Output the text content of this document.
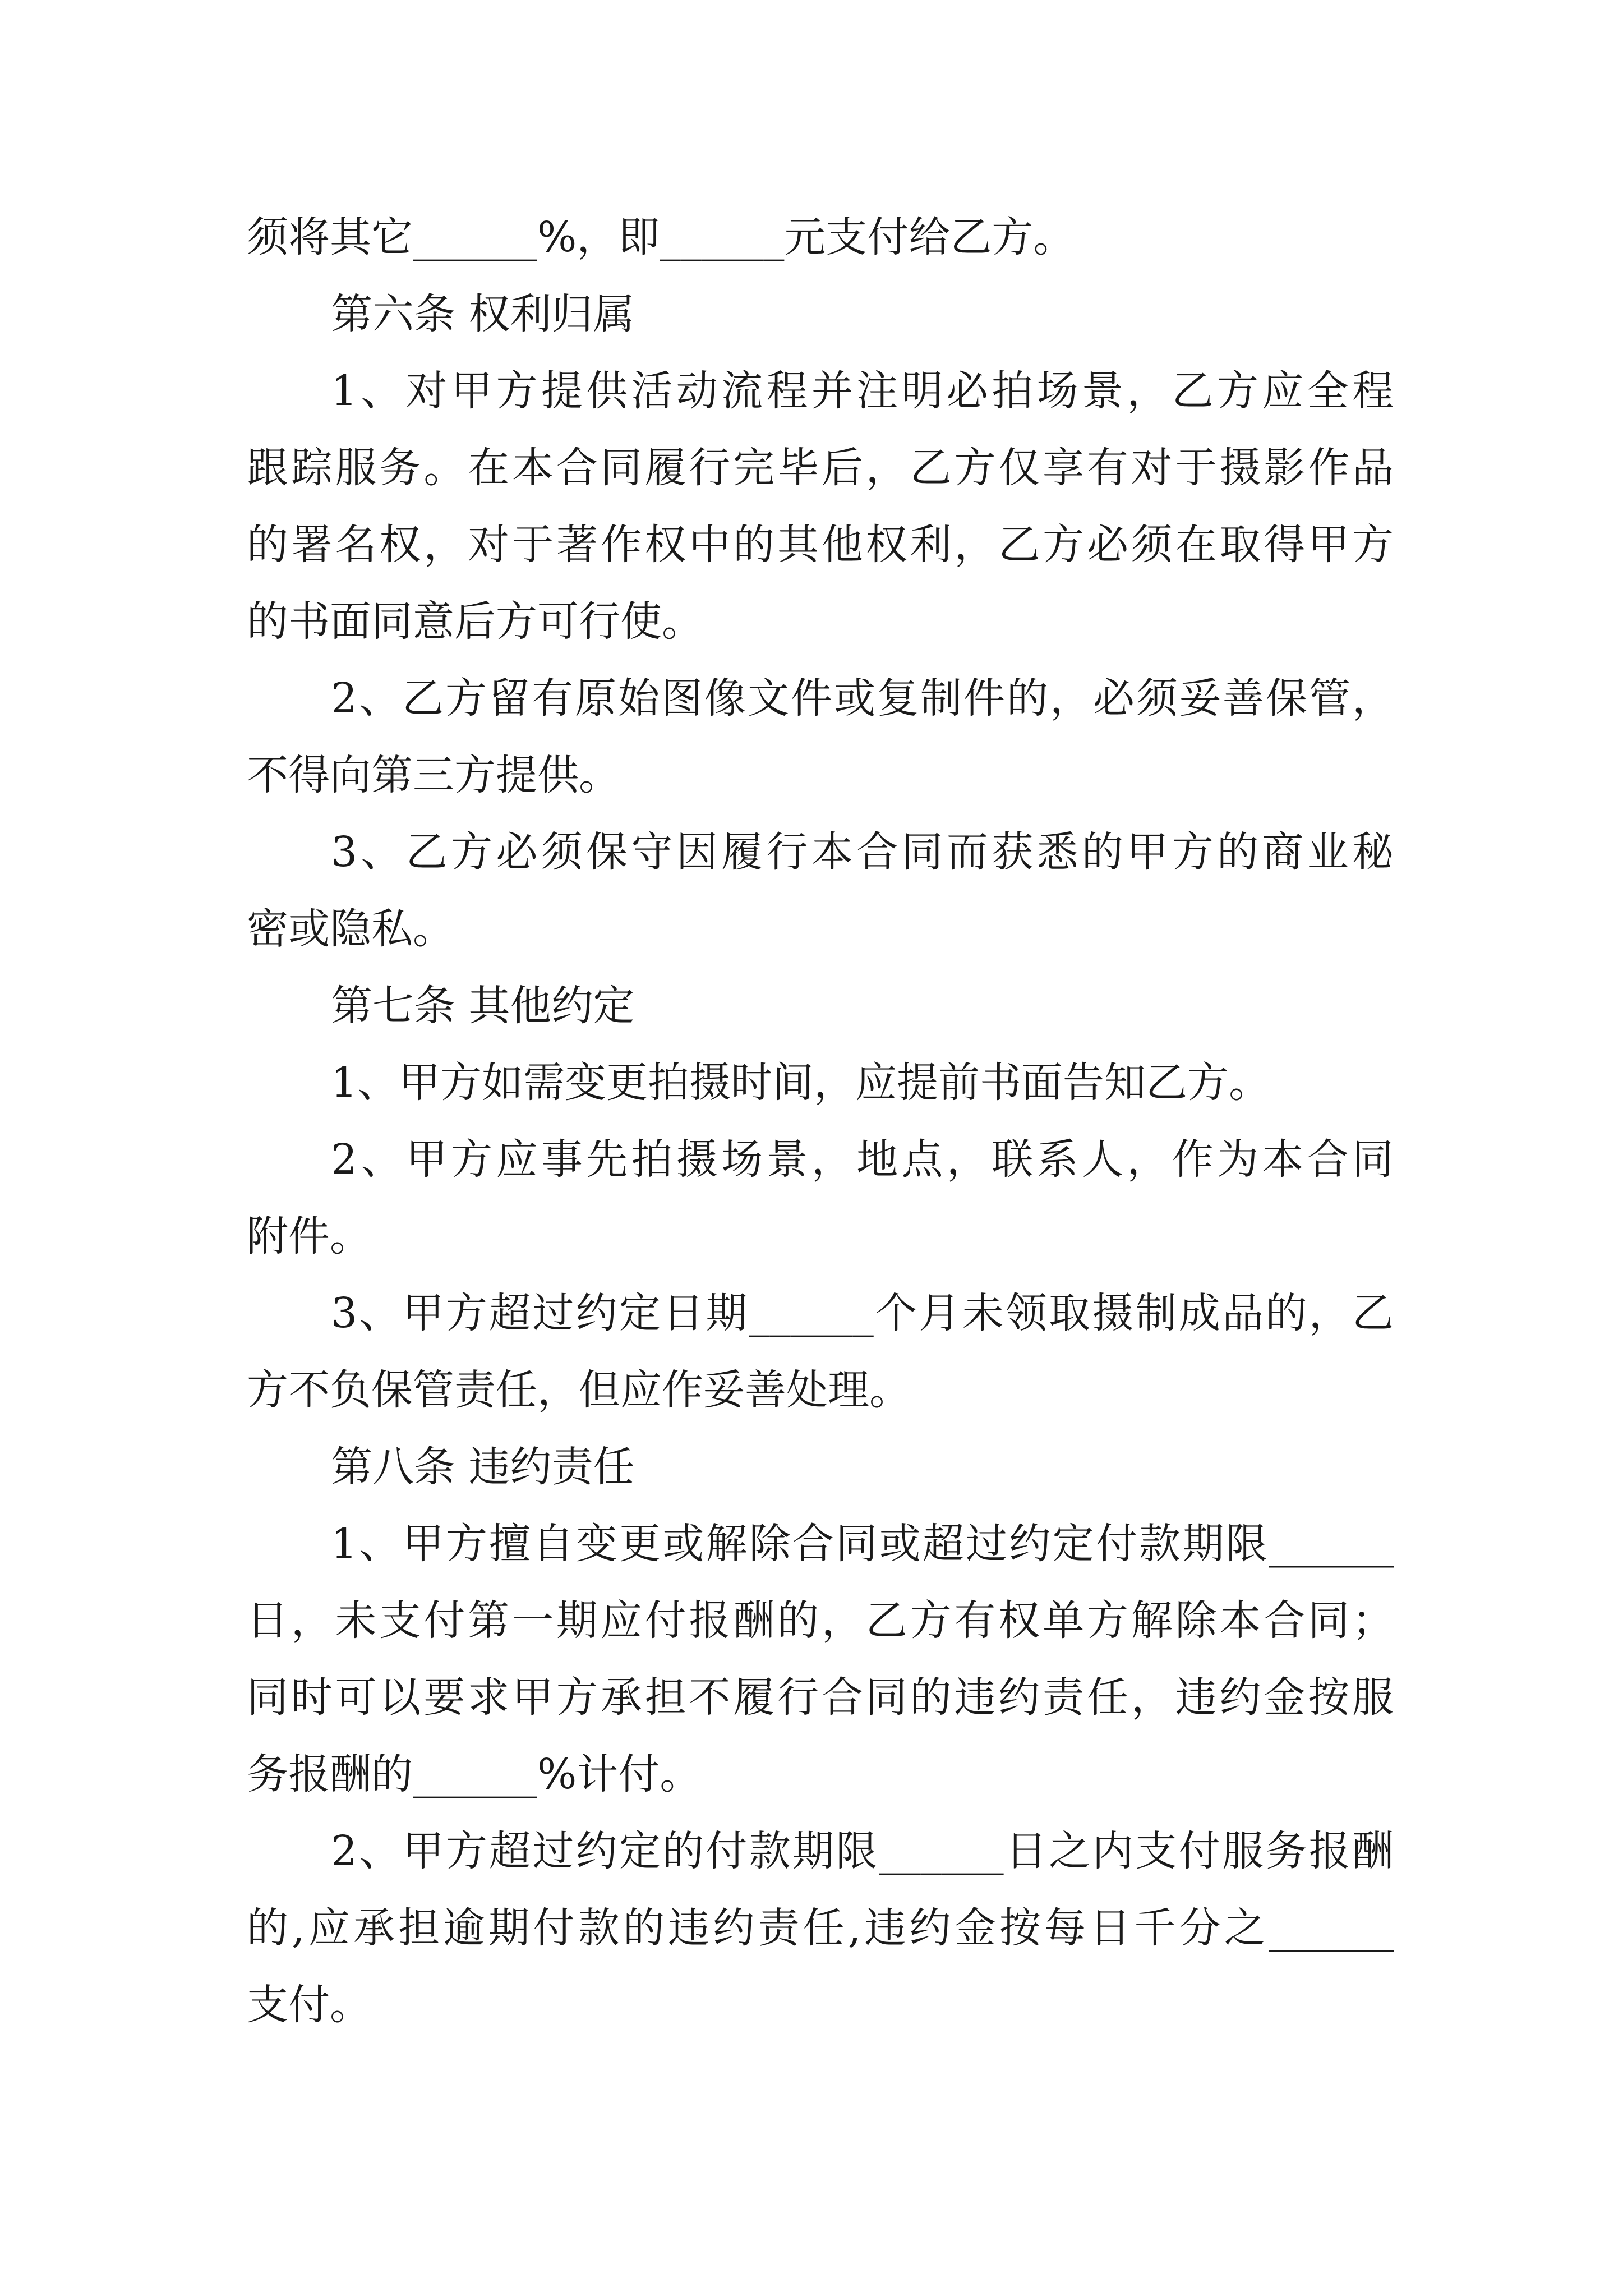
须将其它______%，即______元支付给乙方。
第六条 权利归属
1、对甲方提供活动流程并注明必拍场景，乙方应全程
跟踪服务。在本合同履行完毕后，乙方仅享有对于摄影作品
的署名权，对于著作权中的其他权利，乙方必须在取得甲方
的书面同意后方可行使。
2、乙方留有原始图像文件或复制件的，必须妥善保管，
不得向第三方提供。
3、乙方必须保守因履行本合同而获悉的甲方的商业秘
密或隐私。
第七条 其他约定
1、甲方如需变更拍摄时间，应提前书面告知乙方。
2、甲方应事先拍摄场景，地点，联系人，作为本合同
附件。
3、甲方超过约定日期______个月未领取摄制成品的，乙
方不负保管责任，但应作妥善处理。
第八条 违约责任
1、甲方擅自变更或解除合同或超过约定付款期限______
日，未支付第一期应付报酬的，乙方有权单方解除本合同；
同时可以要求甲方承担不履行合同的违约责任，违约金按服
务报酬的______%计付。
2、甲方超过约定的付款期限______日之内支付服务报酬
的,应承担逾期付款的违约责任,违约金按每日千分之______
支付。
